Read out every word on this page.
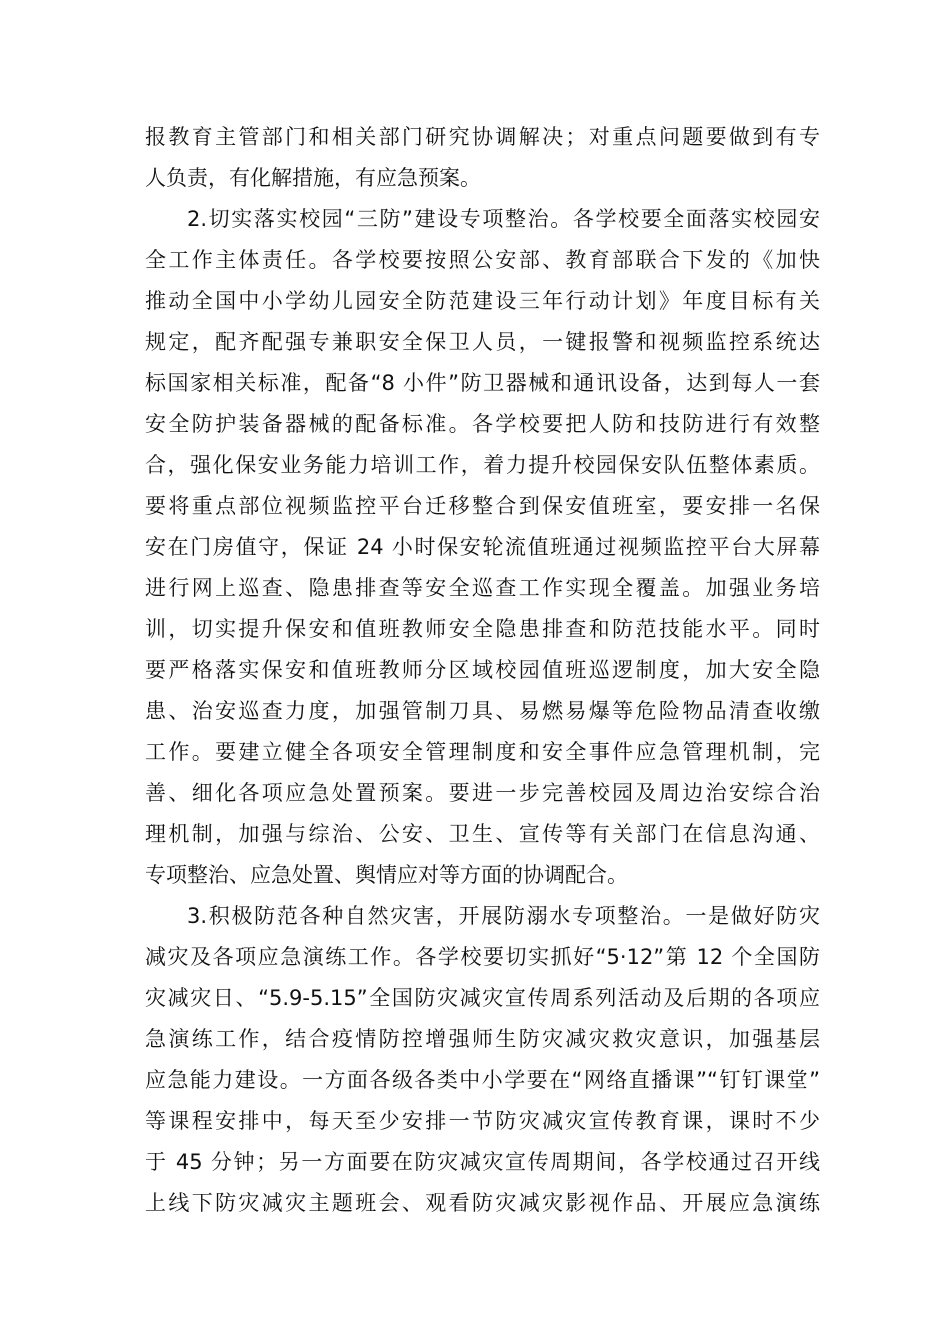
报教育主管部门和相关部门研究协调解决；对重点问题要做到有专
人负责，有化解措施，有应急预案。
2.切实落实校园“三防”建设专项整治。各学校要全面落实校园安
全工作主体责任。各学校要按照公安部、教育部联合下发的《加快
推动全国中小学幼儿园安全防范建设三年行动计划》年度目标有关
规定，配齐配强专兼职安全保卫人员，一键报警和视频监控系统达
标国家相关标准，配备“8 小件”防卫器械和通讯设备，达到每人一套
安全防护装备器械的配备标准。各学校要把人防和技防进行有效整
合，强化保安业务能力培训工作，着力提升校园保安队伍整体素质。
要将重点部位视频监控平台迁移整合到保安值班室，要安排一名保
安在门房值守，保证 24 小时保安轮流值班通过视频监控平台大屏幕
进行网上巡查、隐患排查等安全巡查工作实现全覆盖。加强业务培
训，切实提升保安和值班教师安全隐患排查和防范技能水平。同时
要严格落实保安和值班教师分区域校园值班巡逻制度，加大安全隐
患、治安巡查力度，加强管制刀具、易燃易爆等危险物品清查收缴
工作。要建立健全各项安全管理制度和安全事件应急管理机制，完
善、细化各项应急处置预案。要进一步完善校园及周边治安综合治
理机制，加强与综治、公安、卫生、宣传等有关部门在信息沟通、
专项整治、应急处置、舆情应对等方面的协调配合。
3.积极防范各种自然灾害，开展防溺水专项整治。一是做好防灾
减灾及各项应急演练工作。各学校要切实抓好“5·12”第 12 个全国防
灾减灾日、“5.9-5.15”全国防灾减灾宣传周系列活动及后期的各项应
急演练工作，结合疫情防控增强师生防灾减灾救灾意识，加强基层
应急能力建设。一方面各级各类中小学要在“网络直播课”“钉钉课堂”
等课程安排中，每天至少安排一节防灾减灾宣传教育课，课时不少
于 45 分钟；另一方面要在防灾减灾宣传周期间，各学校通过召开线
上线下防灾减灾主题班会、观看防灾减灾影视作品、开展应急演练
